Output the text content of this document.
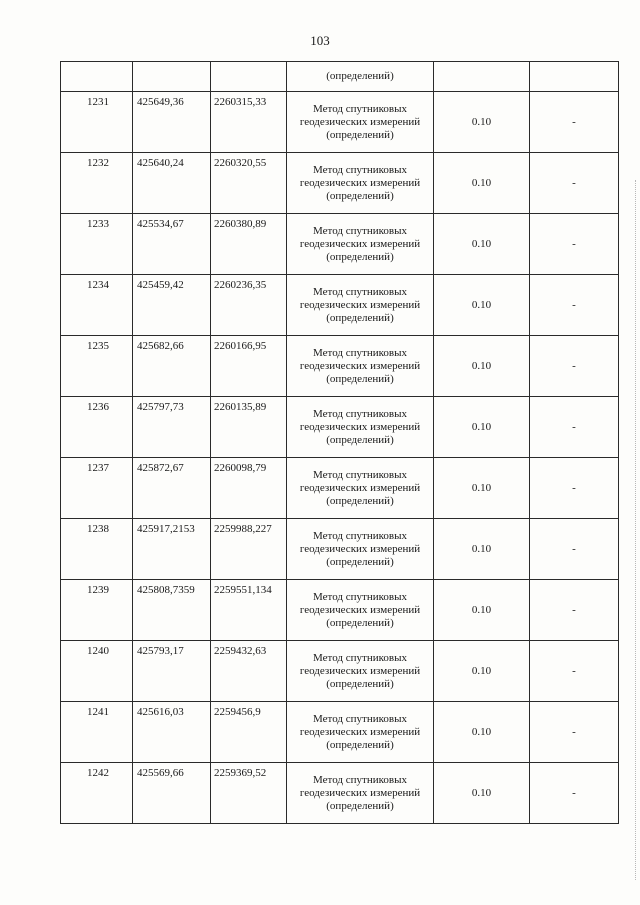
103
			(определений)		
1231	425649,36	2260315,33	Метод спутниковых
геодезических измерений
(определений)	0.10	-
1232	425640,24	2260320,55	Метод спутниковых
геодезических измерений
(определений)	0.10	-
1233	425534,67	2260380,89	Метод спутниковых
геодезических измерений
(определений)	0.10	-
1234	425459,42	2260236,35	Метод спутниковых
геодезических измерений
(определений)	0.10	-
1235	425682,66	2260166,95	Метод спутниковых
геодезических измерений
(определений)	0.10	-
1236	425797,73	2260135,89	Метод спутниковых
геодезических измерений
(определений)	0.10	-
1237	425872,67	2260098,79	Метод спутниковых
геодезических измерений
(определений)	0.10	-
1238	425917,2153	2259988,227	Метод спутниковых
геодезических измерений
(определений)	0.10	-
1239	425808,7359	2259551,134	Метод спутниковых
геодезических измерений
(определений)	0.10	-
1240	425793,17	2259432,63	Метод спутниковых
геодезических измерений
(определений)	0.10	-
1241	425616,03	2259456,9	Метод спутниковых
геодезических измерений
(определений)	0.10	-
1242	425569,66	2259369,52	Метод спутниковых
геодезических измерений
(определений)	0.10	-
